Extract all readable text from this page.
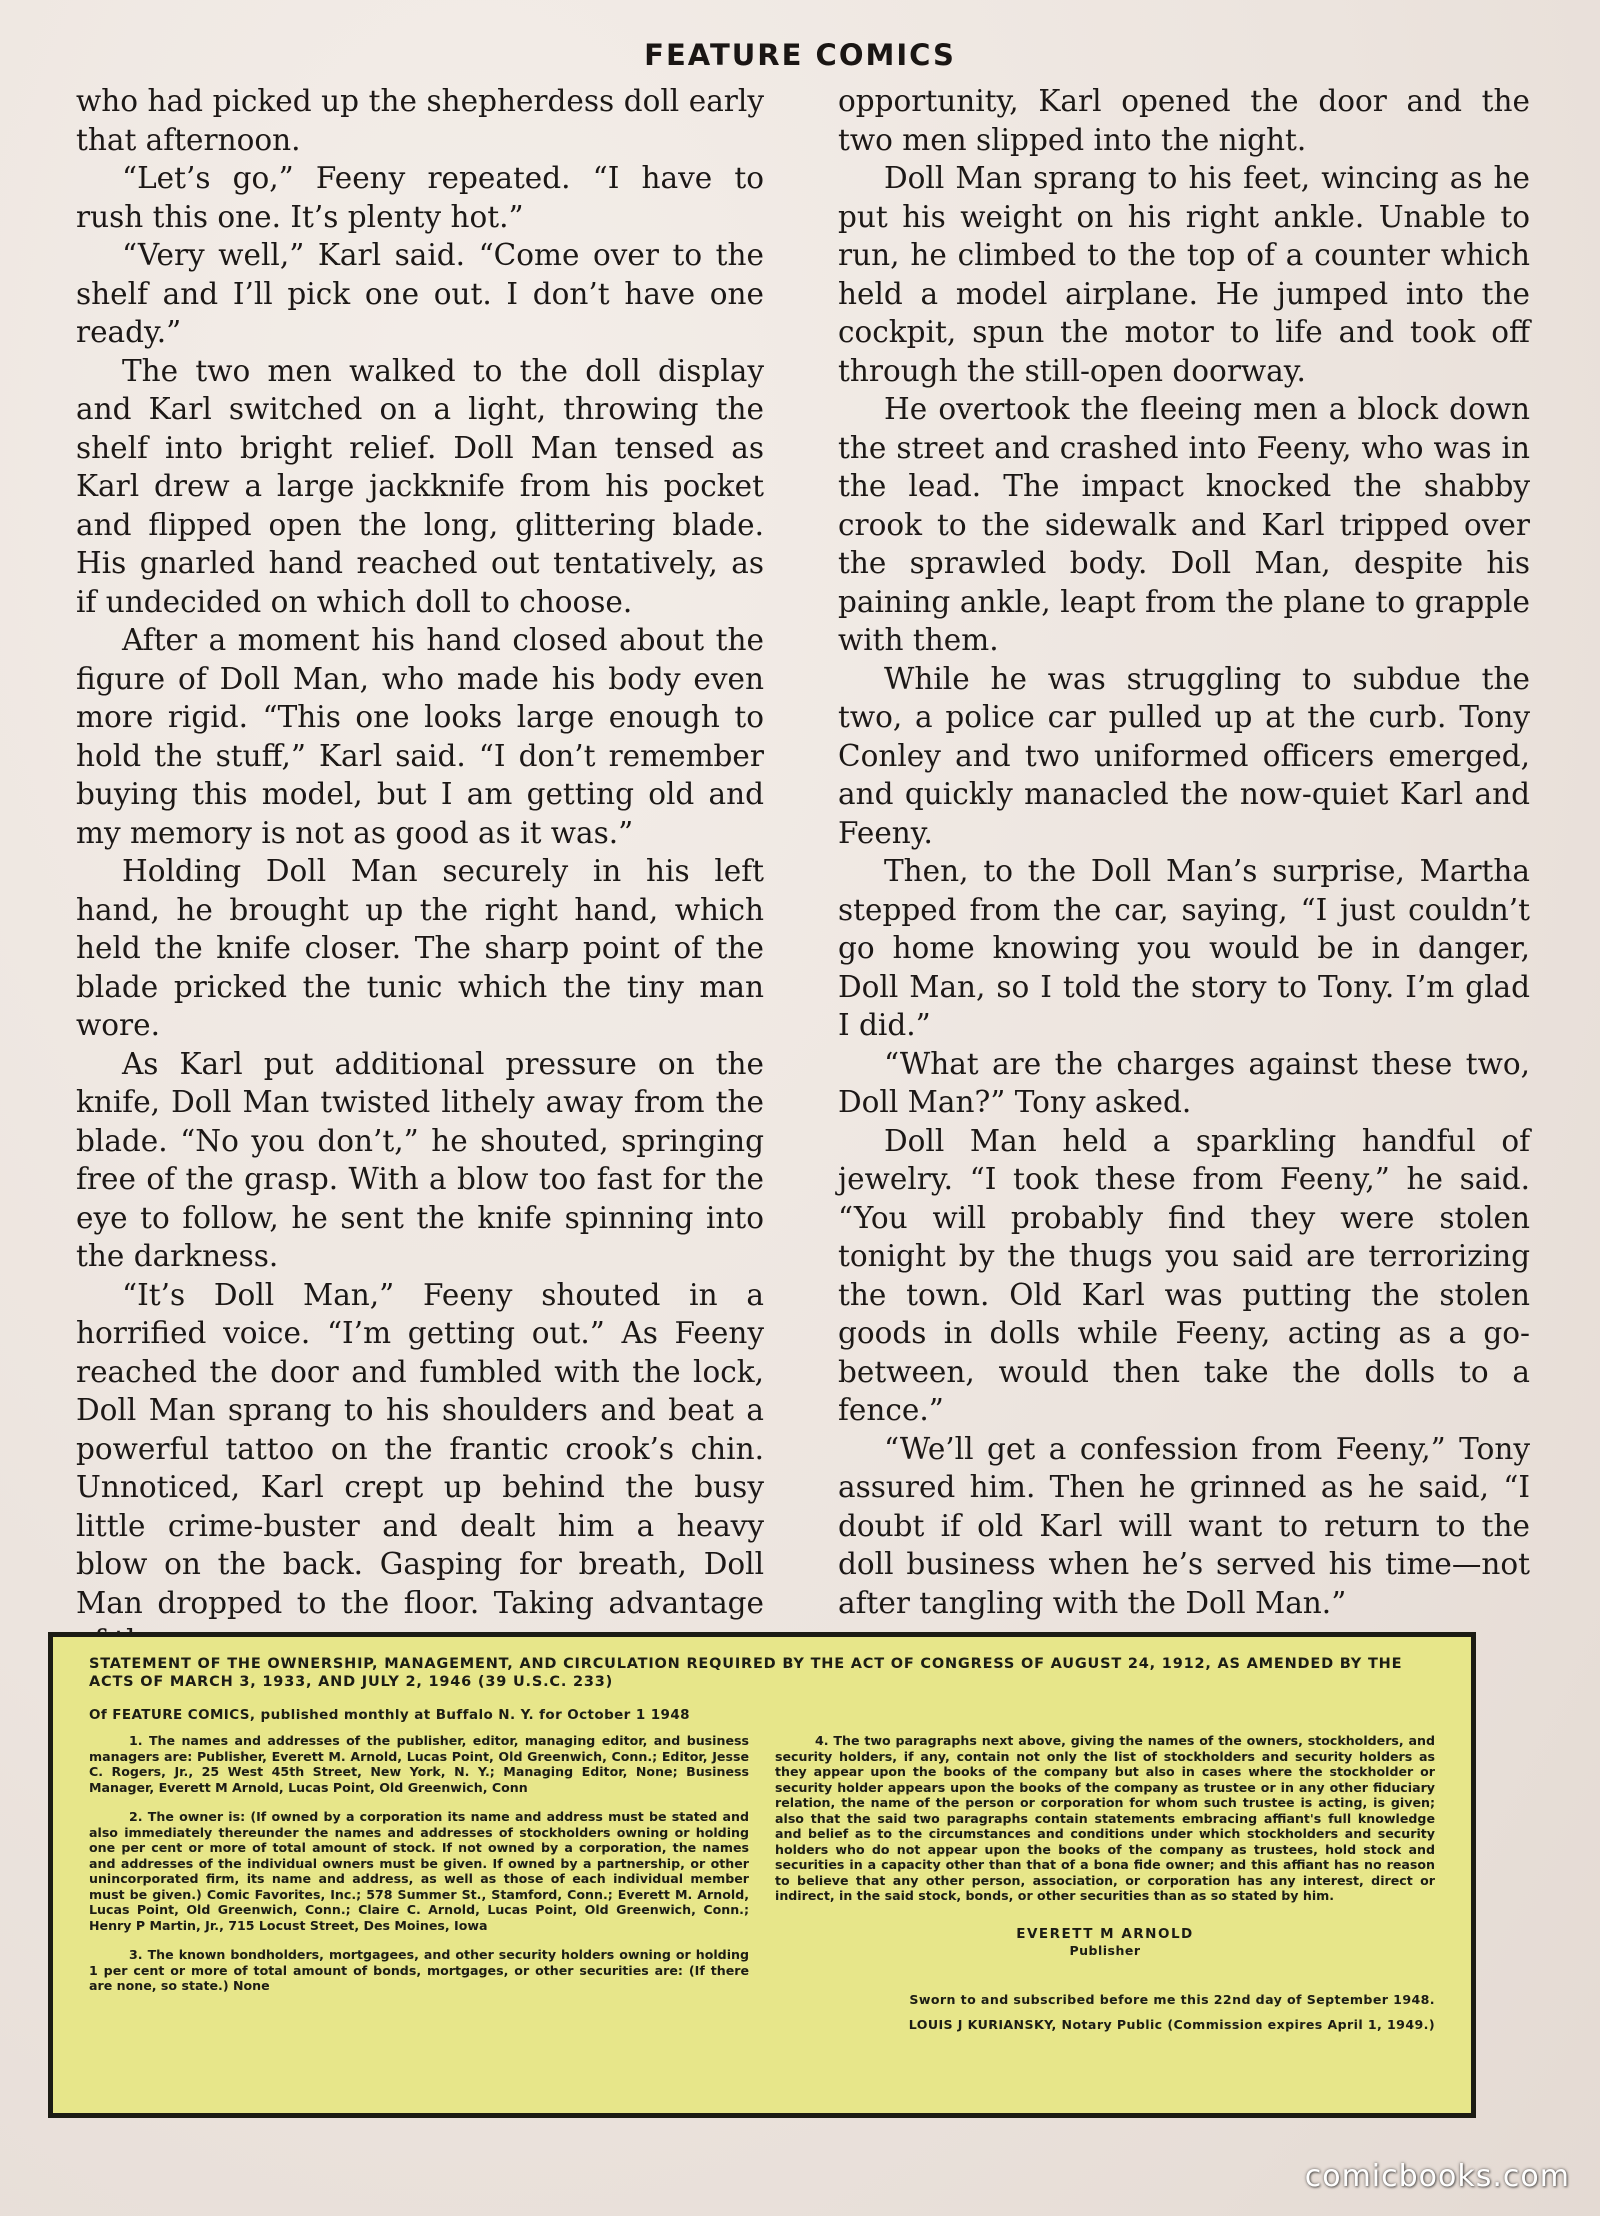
FEATURE COMICS

who had picked up the shepherdess doll early that afternoon.

“Let’s go,” Feeny repeated. “I have to rush this one. It’s plenty hot.”

“Very well,” Karl said. “Come over to the shelf and I’ll pick one out. I don’t have one ready.”

The two men walked to the doll display and Karl switched on a light, throwing the shelf into bright relief. Doll Man tensed as Karl drew a large jackknife from his pocket and flipped open the long, glittering blade. His gnarled hand reached out tentatively, as if undecided on which doll to choose.

After a moment his hand closed about the figure of Doll Man, who made his body even more rigid. “This one looks large enough to hold the stuff,” Karl said. “I don’t remember buying this model, but I am getting old and my memory is not as good as it was.”

Holding Doll Man securely in his left hand, he brought up the right hand, which held the knife closer. The sharp point of the blade pricked the tunic which the tiny man wore.

As Karl put additional pressure on the knife, Doll Man twisted lithely away from the blade. “No you don’t,” he shouted, springing free of the grasp. With a blow too fast for the eye to follow, he sent the knife spinning into the darkness.

“It’s Doll Man,” Feeny shouted in a horrified voice. “I’m getting out.” As Feeny reached the door and fumbled with the lock, Doll Man sprang to his shoulders and beat a powerful tattoo on the frantic crook’s chin. Unnoticed, Karl crept up behind the busy little crime-buster and dealt him a heavy blow on the back. Gasping for breath, Doll Man dropped to the floor. Taking advantage

opportunity, Karl opened the door and the two men slipped into the night.

Doll Man sprang to his feet, wincing as he put his weight on his right ankle. Unable to run, he climbed to the top of a counter which held a model airplane. He jumped into the cockpit, spun the motor to life and took off through the still-open doorway.

He overtook the fleeing men a block down the street and crashed into Feeny, who was in the lead. The impact knocked the shabby crook to the sidewalk and Karl tripped over the sprawled body. Doll Man, despite his paining ankle, leapt from the plane to grapple with them.

While he was struggling to subdue the two, a police car pulled up at the curb. Tony Conley and two uniformed officers emerged, and quickly manacled the now-quiet Karl and Feeny.

Then, to the Doll Man’s surprise, Martha stepped from the car, saying, “I just couldn’t go home knowing you would be in danger, Doll Man, so I told the story to Tony. I’m glad I did.”

“What are the charges against these two, Doll Man?” Tony asked.

Doll Man held a sparkling handful of jewelry. “I took these from Feeny,” he said. “You will probably find they were stolen tonight by the thugs you said are terrorizing the town. Old Karl was putting the stolen goods in dolls while Feeny, acting as a go-between, would then take the dolls to a fence.”

“We’ll get a confession from Feeny,” Tony assured him. Then he grinned as he said, “I doubt if old Karl will want to return to the doll business when he’s served his time—not after tangling with the Doll Man.”

STATEMENT OF THE OWNERSHIP, MANAGEMENT, AND CIRCULATION REQUIRED BY THE ACT OF CONGRESS OF AUGUST 24, 1912, AS AMENDED BY THE ACTS OF MARCH 3, 1933, AND JULY 2, 1946 (39 U.S.C. 233)

Of FEATURE COMICS, published monthly at Buffalo N. Y. for October 1 1948

1. The names and addresses of the publisher, editor, managing editor, and business managers are: Publisher, Everett M. Arnold, Lucas Point, Old Greenwich, Conn.; Editor, Jesse C. Rogers, Jr., 25 West 45th Street, New York, N. Y.; Managing Editor, None; Business Manager, Everett M Arnold, Lucas Point, Old Greenwich, Conn

2. The owner is: (If owned by a corporation its name and address must be stated and also immediately thereunder the names and addresses of stockholders owning or holding one per cent or more of total amount of stock. If not owned by a corporation, the names and addresses of the individual owners must be given. If owned by a partnership, or other unincorporated firm, its name and address, as well as those of each individual member must be given.) Comic Favorites, Inc.; 578 Summer St., Stamford, Conn.; Everett M. Arnold, Lucas Point, Old Greenwich, Conn.; Claire C. Arnold, Lucas Point, Old Greenwich, Conn.; Henry P Martin, Jr., 715 Locust Street, Des Moines, Iowa

3. The known bondholders, mortgagees, and other security holders owning or holding 1 per cent or more of total amount of bonds, mortgages, or other securities are: (If there are none, so state.) None

4. The two paragraphs next above, giving the names of the owners, stockholders, and security holders, if any, contain not only the list of stockholders and security holders as they appear upon the books of the company but also in cases where the stockholder or security holder appears upon the books of the company as trustee or in any other fiduciary relation, the name of the person or corporation for whom such trustee is acting, is given; also that the said two paragraphs contain statements embracing affiant's full knowledge and belief as to the circumstances and conditions under which stockholders and security holders who do not appear upon the books of the company as trustees, hold stock and securities in a capacity other than that of a bona fide owner; and this affiant has no reason to believe that any other person, association, or corporation has any interest, direct or indirect, in the said stock, bonds, or other securities than as so stated by him.

EVERETT M ARNOLD
Publisher
Sworn to and subscribed before me this 22nd day of September 1948.
LOUIS J KURIANSKY, Notary Public (Commission expires April 1, 1949.)
comicbooks.com
